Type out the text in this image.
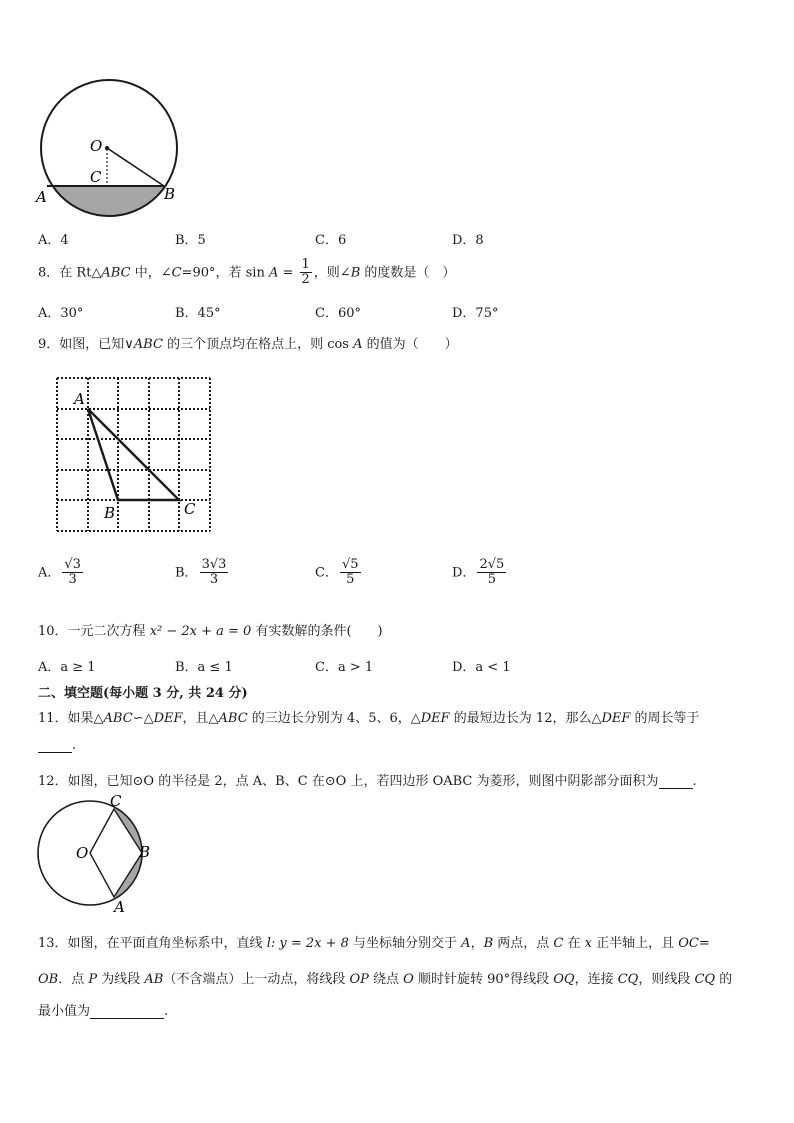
O
C
A	B
A．4	B．5	C．6	D．8
8．在 Rt△ABC 中，∠C=90°，若 $\sin A = \frac{1}{2}$ ，则∠B 的度数是（　）
A．30°	B．45°	C．60°	D．75°
9．如图，已知∨ABC 的三个顶点均在格点上，则 cos A 的值为（　　）
A
B	C
A． $\frac{√3}{3}$	B． $\frac{3√3}{3}$	C． $\frac{√5}{5}$	D． $\frac{2√5}{5}$
10．一元二次方程 x² − 2x + a = 0 有实数解的条件(　　)
A．a ≥ 1	B．a ≤ 1	C．a > 1	D．a < 1
二、填空题(每小题 3 分, 共 24 分)
11．如果△ABC∽△DEF，且△ABC 的三边长分别为 4、5、6，△DEF 的最短边长为 12，那么△DEF 的周长等于
.
12．如图，已知⊙O 的半径是 2，点 A、B、C 在⊙O 上，若四边形 OABC 为菱形，则图中阴影部分面积为	.
O
C
B
A
13．如图，在平面直角坐标系中，直线 l: y = 2x + 8 与坐标轴分别交于 A，B 两点，点 C 在 x 正半轴上，且 OC=
OB．点 P 为线段 AB（不含端点）上一动点，将线段 OP 绕点 O 顺时针旋转 90°得线段 OQ，连接 CQ，则线段 CQ 的
最小值为	.
